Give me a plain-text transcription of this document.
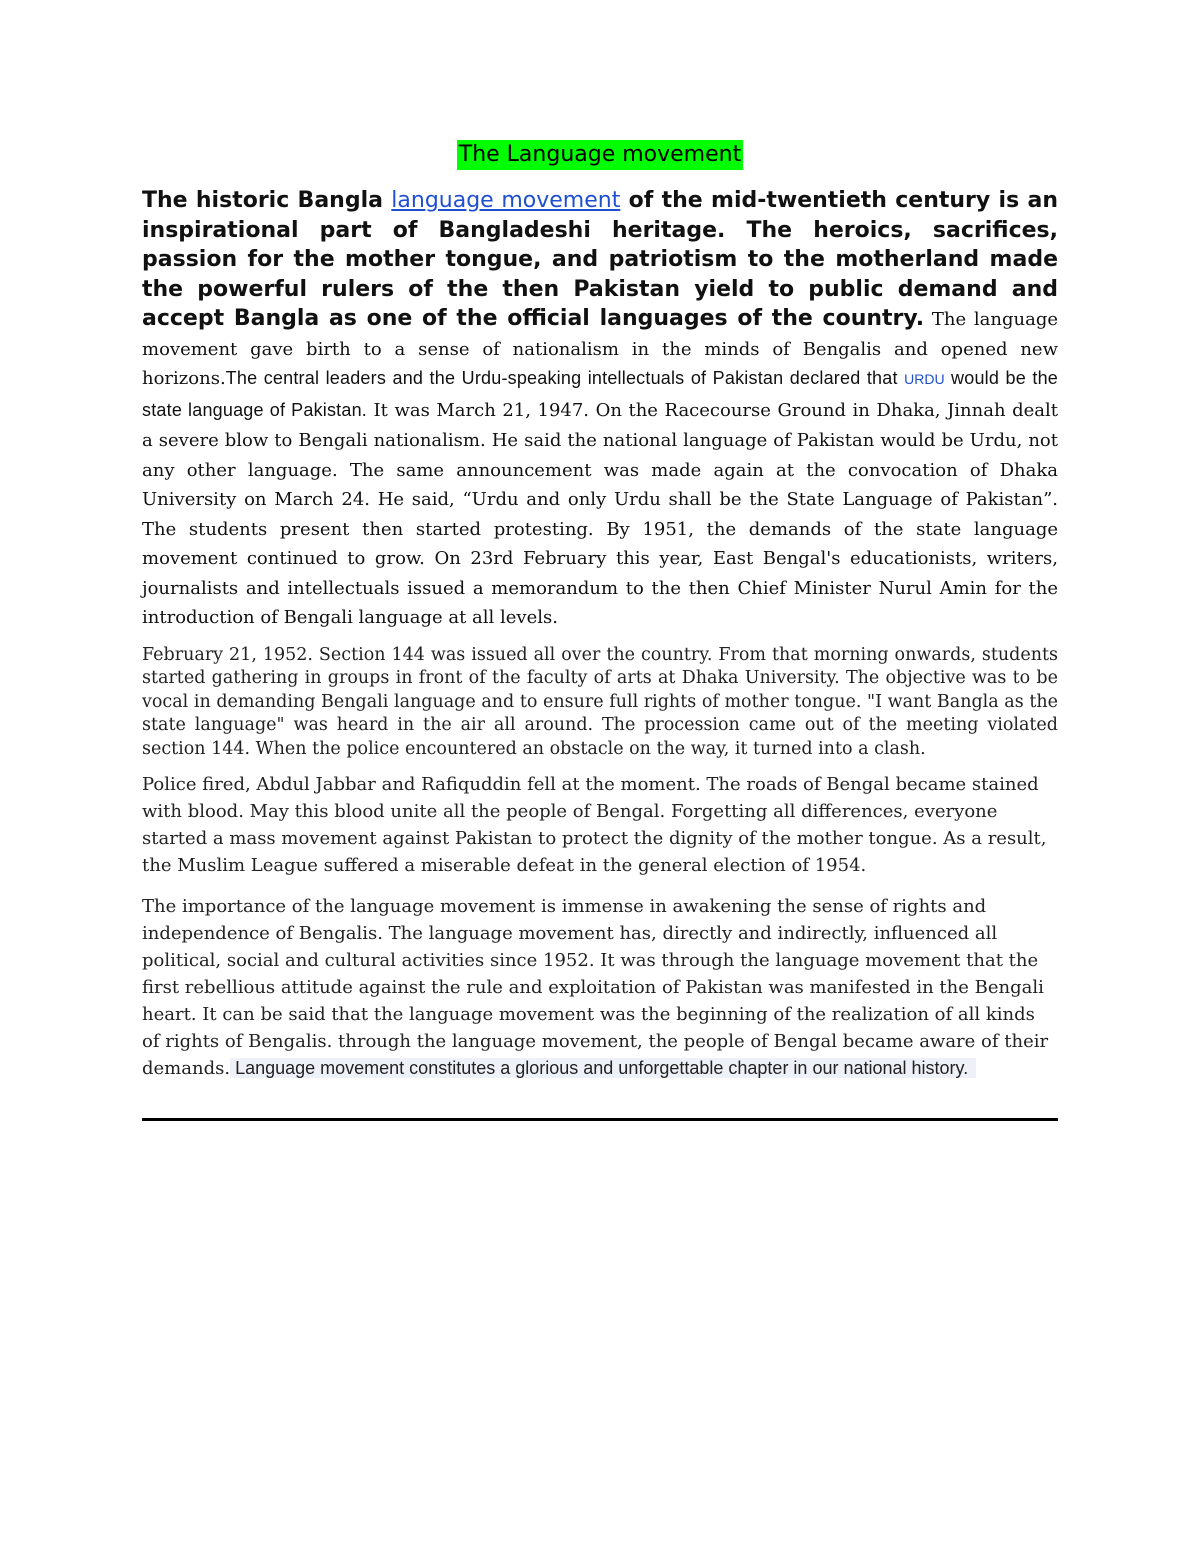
The Language movement

The historic Bangla language movement of the mid-twentieth century is an inspirational part of Bangladeshi heritage. The heroics, sacrifices, passion for the mother tongue, and patriotism to the motherland made the powerful rulers of the then Pakistan yield to public demand and accept Bangla as one of the official languages of the country. The language movement gave birth to a sense of nationalism in the minds of Bengalis and opened new horizons.The central leaders and the Urdu-speaking intellectuals of Pakistan declared that URDU would be the state language of Pakistan. It was March 21, 1947. On the Racecourse Ground in Dhaka, Jinnah dealt a severe blow to Bengali nationalism. He said the national language of Pakistan would be Urdu, not any other language. The same announcement was made again at the convocation of Dhaka University on March 24. He said, “Urdu and only Urdu shall be the State Language of Pakistan”. The students present then started protesting. By 1951, the demands of the state language movement continued to grow. On 23rd February this year, East Bengal's educationists, writers, journalists and intellectuals issued a memorandum to the then Chief Minister Nurul Amin for the introduction of Bengali language at all levels.

February 21, 1952. Section 144 was issued all over the country. From that morning onwards, students started gathering in groups in front of the faculty of arts at Dhaka University. The objective was to be vocal in demanding Bengali language and to ensure full rights of mother tongue. "I want Bangla as the state language" was heard in the air all around. The procession came out of the meeting violated section 144. When the police encountered an obstacle on the way, it turned into a clash.

Police fired, Abdul Jabbar and Rafiquddin fell at the moment. The roads of Bengal became stained with blood. May this blood unite all the people of Bengal. Forgetting all differences, everyone started a mass movement against Pakistan to protect the dignity of the mother tongue. As a result, the Muslim League suffered a miserable defeat in the general election of 1954.

The importance of the language movement is immense in awakening the sense of rights and independence of Bengalis. The language movement has, directly and indirectly, influenced all political, social and cultural activities since 1952. It was through the language movement that the first rebellious attitude against the rule and exploitation of Pakistan was manifested in the Bengali heart. It can be said that the language movement was the beginning of the realization of all kinds of rights of Bengalis. through the language movement, the people of Bengal became aware of their demands. Language movement constitutes a glorious and unforgettable chapter in our national history.
